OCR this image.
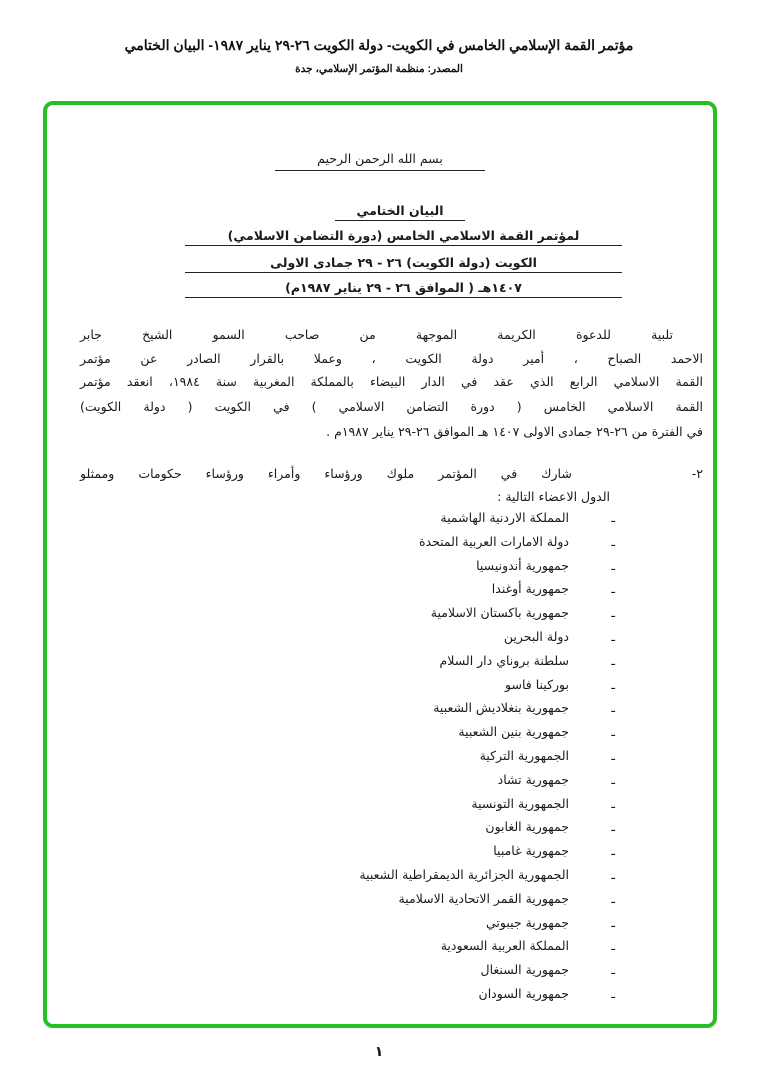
مؤتمر القمة الإسلامي الخامس في الكويت- دولة الكويت ٢٦-٢٩ يناير ١٩٨٧- البيان الختامي
المصدر: منظمة المؤتمر الإسلامي، جدة
بسم الله الرحمن الرحيم
البيان الختامي
لمؤتمر القمة الاسلامي الخامس (دورة التضامن الاسلامي)
الكويت (دولة الكويت) ٢٦ - ٢٩ جمادى الاولى
١٤٠٧هـ ( الموافق ٢٦ - ٢٩ يناير ١٩٨٧م)
تلبية للدعوة الكريمة الموجهة من صاحب السمو الشيخ جابر
الاحمد الصباح ، أمير دولة الكويت ، وعملا بالقرار الصادر عن مؤتمر
القمة الاسلامي الرابع الذي عقد في الدار البيضاء بالمملكة المغربية سنة ١٩٨٤، انعقد مؤتمر
القمة الاسلامي الخامس ( دورة التضامن الاسلامي ) في الكويت ( دولة الكويت)
في الفترة من ٢٦-٢٩ جمادى الاولى ١٤٠٧ هـ الموافق ٢٦-٢٩ يناير ١٩٨٧م .
٢-     شارك في المؤتمر ملوك ورؤساء وأمراء ورؤساء حكومات وممثلو
الدول الاعضاء التالية :
ـالمملكة الاردنية الهاشمية
ـدولة الامارات العربية المتحدة
ـجمهورية أندونيسيا
ـجمهورية أوغندا
ـجمهورية باكستان الاسلامية
ـدولة البحرين
ـسلطنة بروناي دار السلام
ـبوركينا فاسو
ـجمهورية بنغلاديش الشعبية
ـجمهورية بنين الشعبية
ـالجمهورية التركية
ـجمهورية تشاد
ـالجمهورية التونسية
ـجمهورية الغابون
ـجمهورية غامبيا
ـالجمهورية الجزائرية الديمقراطية الشعبية
ـجمهورية القمر الاتحادية الاسلامية
ـجمهورية جيبوتي
ـالمملكة العربية السعودية
ـجمهورية السنغال
ـجمهورية السودان
١
